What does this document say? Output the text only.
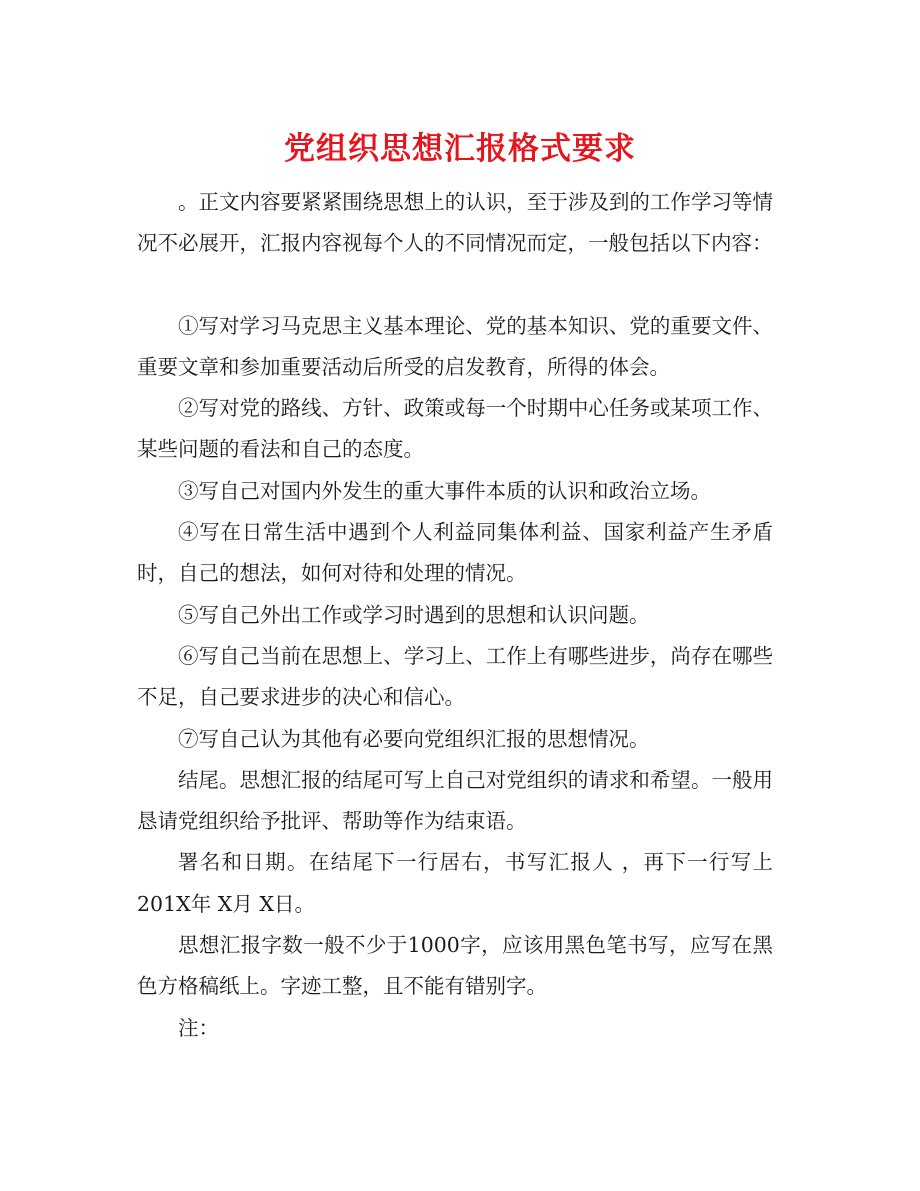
党组织思想汇报格式要求

。正文内容要紧紧围绕思想上的认识，至于涉及到的工作学习等情况不必展开，汇报内容视每个人的不同情况而定，一般包括以下内容：

①写对学习马克思主义基本理论、党的基本知识、党的重要文件、重要文章和参加重要活动后所受的启发教育，所得的体会。

②写对党的路线、方针、政策或每一个时期中心任务或某项工作、某些问题的看法和自己的态度。

③写自己对国内外发生的重大事件本质的认识和政治立场。

④写在日常生活中遇到个人利益同集体利益、国家利益产生矛盾时，自己的想法，如何对待和处理的情况。

⑤写自己外出工作或学习时遇到的思想和认识问题。

⑥写自己当前在思想上、学习上、工作上有哪些进步，尚存在哪些不足，自己要求进步的决心和信心。

⑦写自己认为其他有必要向党组织汇报的思想情况。

结尾。思想汇报的结尾可写上自己对党组织的请求和希望。一般用恳请党组织给予批评、帮助等作为结束语。

署名和日期。在结尾下一行居右，书写汇报人 ，再下一行写上201X年 X月 X日。

思想汇报字数一般不少于1000字，应该用黑色笔书写，应写在黑色方格稿纸上。字迹工整，且不能有错别字。

注：
